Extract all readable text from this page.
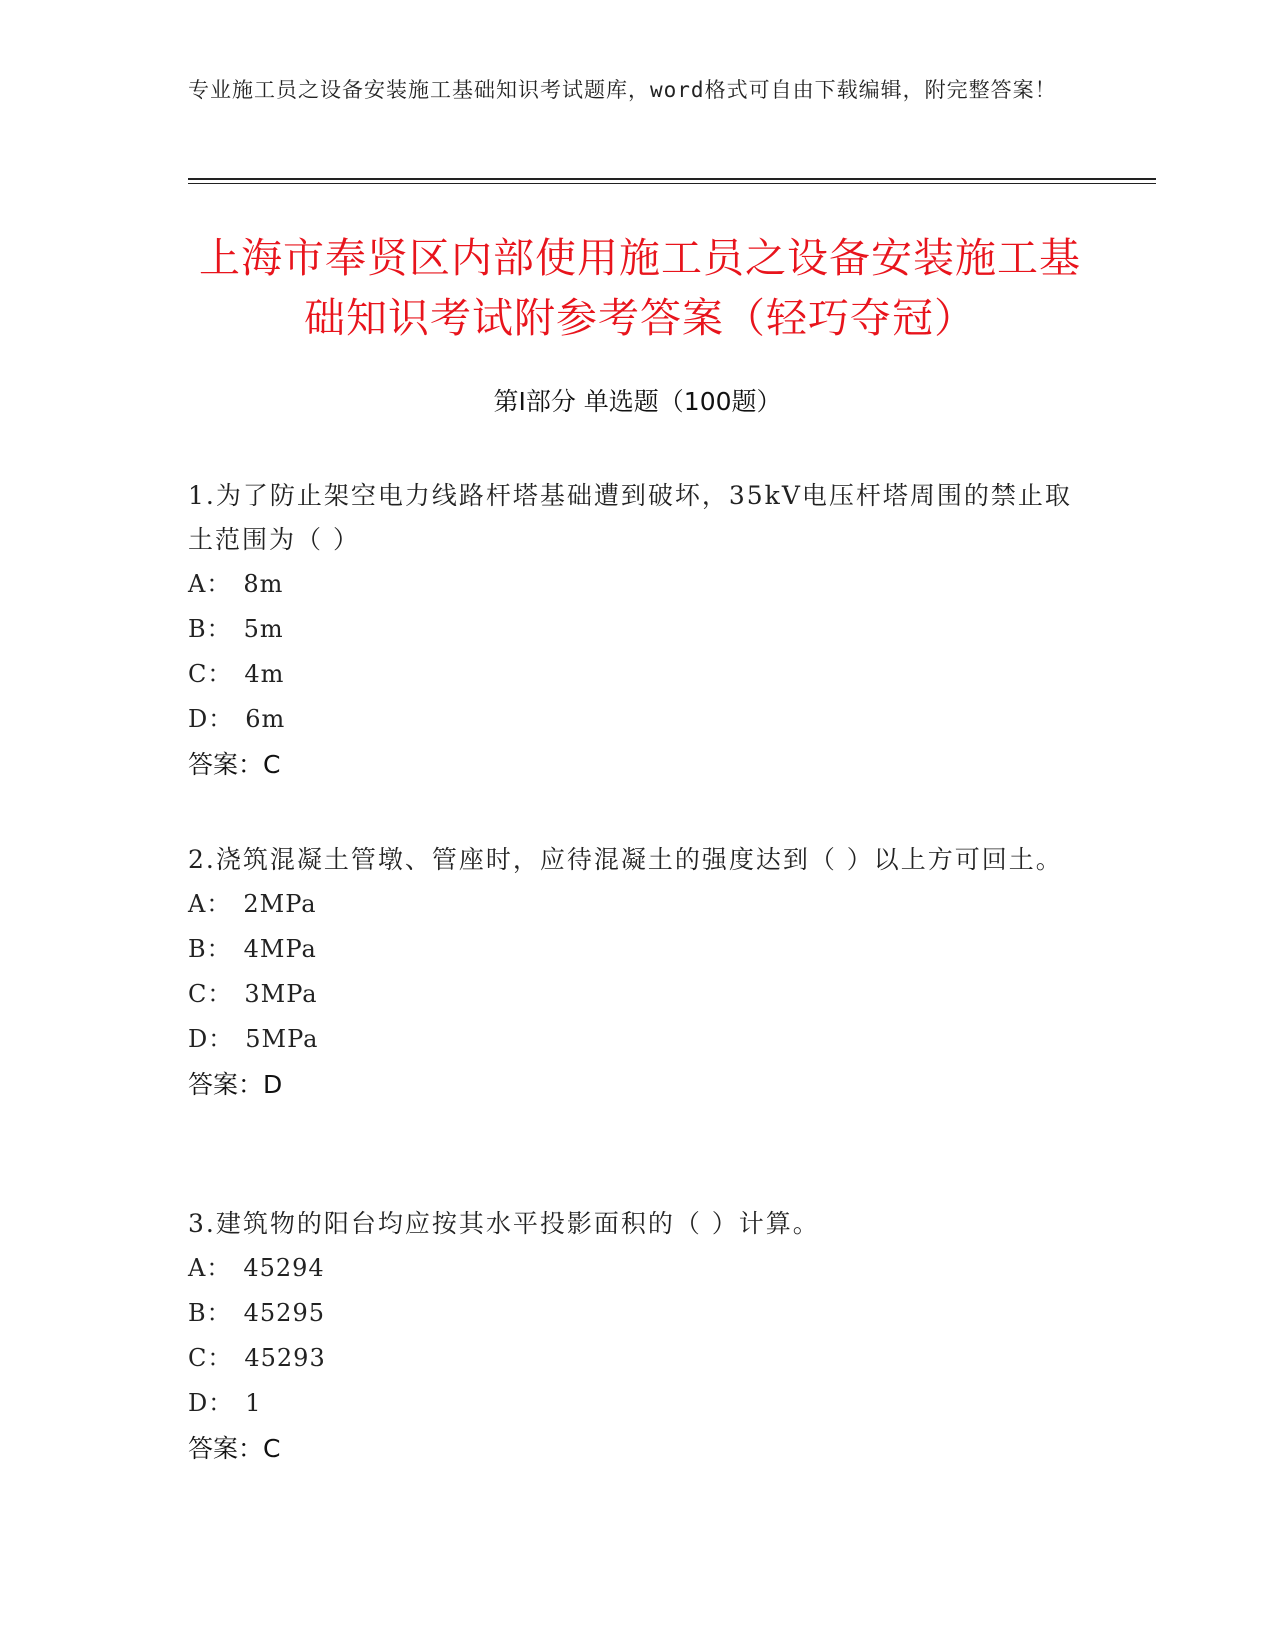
专业施工员之设备安装施工基础知识考试题库，word格式可自由下载编辑，附完整答案！
上海市奉贤区内部使用施工员之设备安装施工基础知识考试附参考答案（轻巧夺冠）
第Ⅰ部分 单选题（100题）

1.为了防止架空电力线路杆塔基础遭到破坏，35kV电压杆塔周围的禁止取土范围为（ ）

A： 8m

B： 5m

C： 4m

D： 6m

答案：C

2.浇筑混凝土管墩、管座时，应待混凝土的强度达到（ ）以上方可回土。

A： 2MPa

B： 4MPa

C： 3MPa

D： 5MPa

答案：D

3.建筑物的阳台均应按其水平投影面积的（ ）计算。

A： 45294

B： 45295

C： 45293

D： 1

答案：C
